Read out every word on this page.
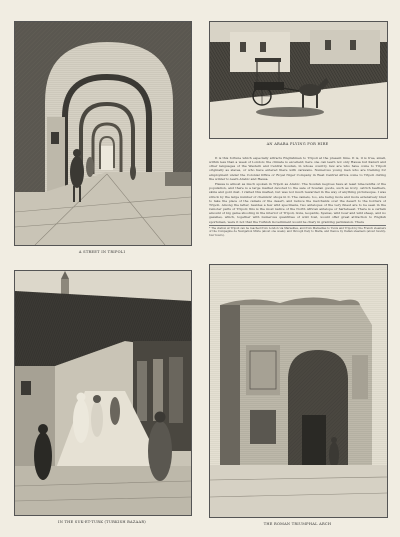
A STREET IN TRIPOLI
AN ARABA PLYING FOR HIRE

It is this fortune which especially attracts Englishmen to Tripoli at the present time. It is, it is true, small, within less than a week of London; the climate is excellent; here one can learn not only Hausa but Kanuri and other languages of the Western and Central Soudan, in whose country, few are who have come to Tripoli originally as slaves, or who have entered there with caravans. Numerous young men who are training for employment under the Colonial Office or Royal Niger Company in West Central Africa come to Tripoli during the winter to learn Arabic and Hausa.

Hausa is almost as much spoken in Tripoli as Arabic. The Soudan negroes have at least nine-tenths of the population, and there is a large market devoted to the sale of Soudan goods, such as ivory, ostrich feathers, skins and gold dust. I visited this market, but was not much rewarded in the way of anything picturesque. I was struck by the large number of chemists' shops in it. The camels, too, are being more and more extensively bred to take the place of the camels of the desert, and reduce the merchants over the desert to the borders of Tripoli. Among the latter, besides a few wild specimens, two antelopes of the very finest are to be seen in the remoter parts of Tripoli; this is the most native of the North African antelope or hartebeest. There is a certain amount of big game shooting in the interior of Tripoli, lions, leopards, hyenas, wild boar and wild sheep, and no gazelles, which, together with numerous quantities of wild fowl, would offer great attraction to English sportsmen, were it not that the Turkish Government would be chary in granting permission. There

* The station at Tripoli can be reached from London via Marseilles, and from Marseilles to Tunis and Tripoli by the French steamers of the Compagnie de Navigation Mixte (about one week); and through Italy to Malta, and thence by Italian steamers (about twenty-four hours).
IN THE SUK-ET-TURK (TURKISH BAZAAR)	THE ROMAN TRIUMPHAL ARCH
